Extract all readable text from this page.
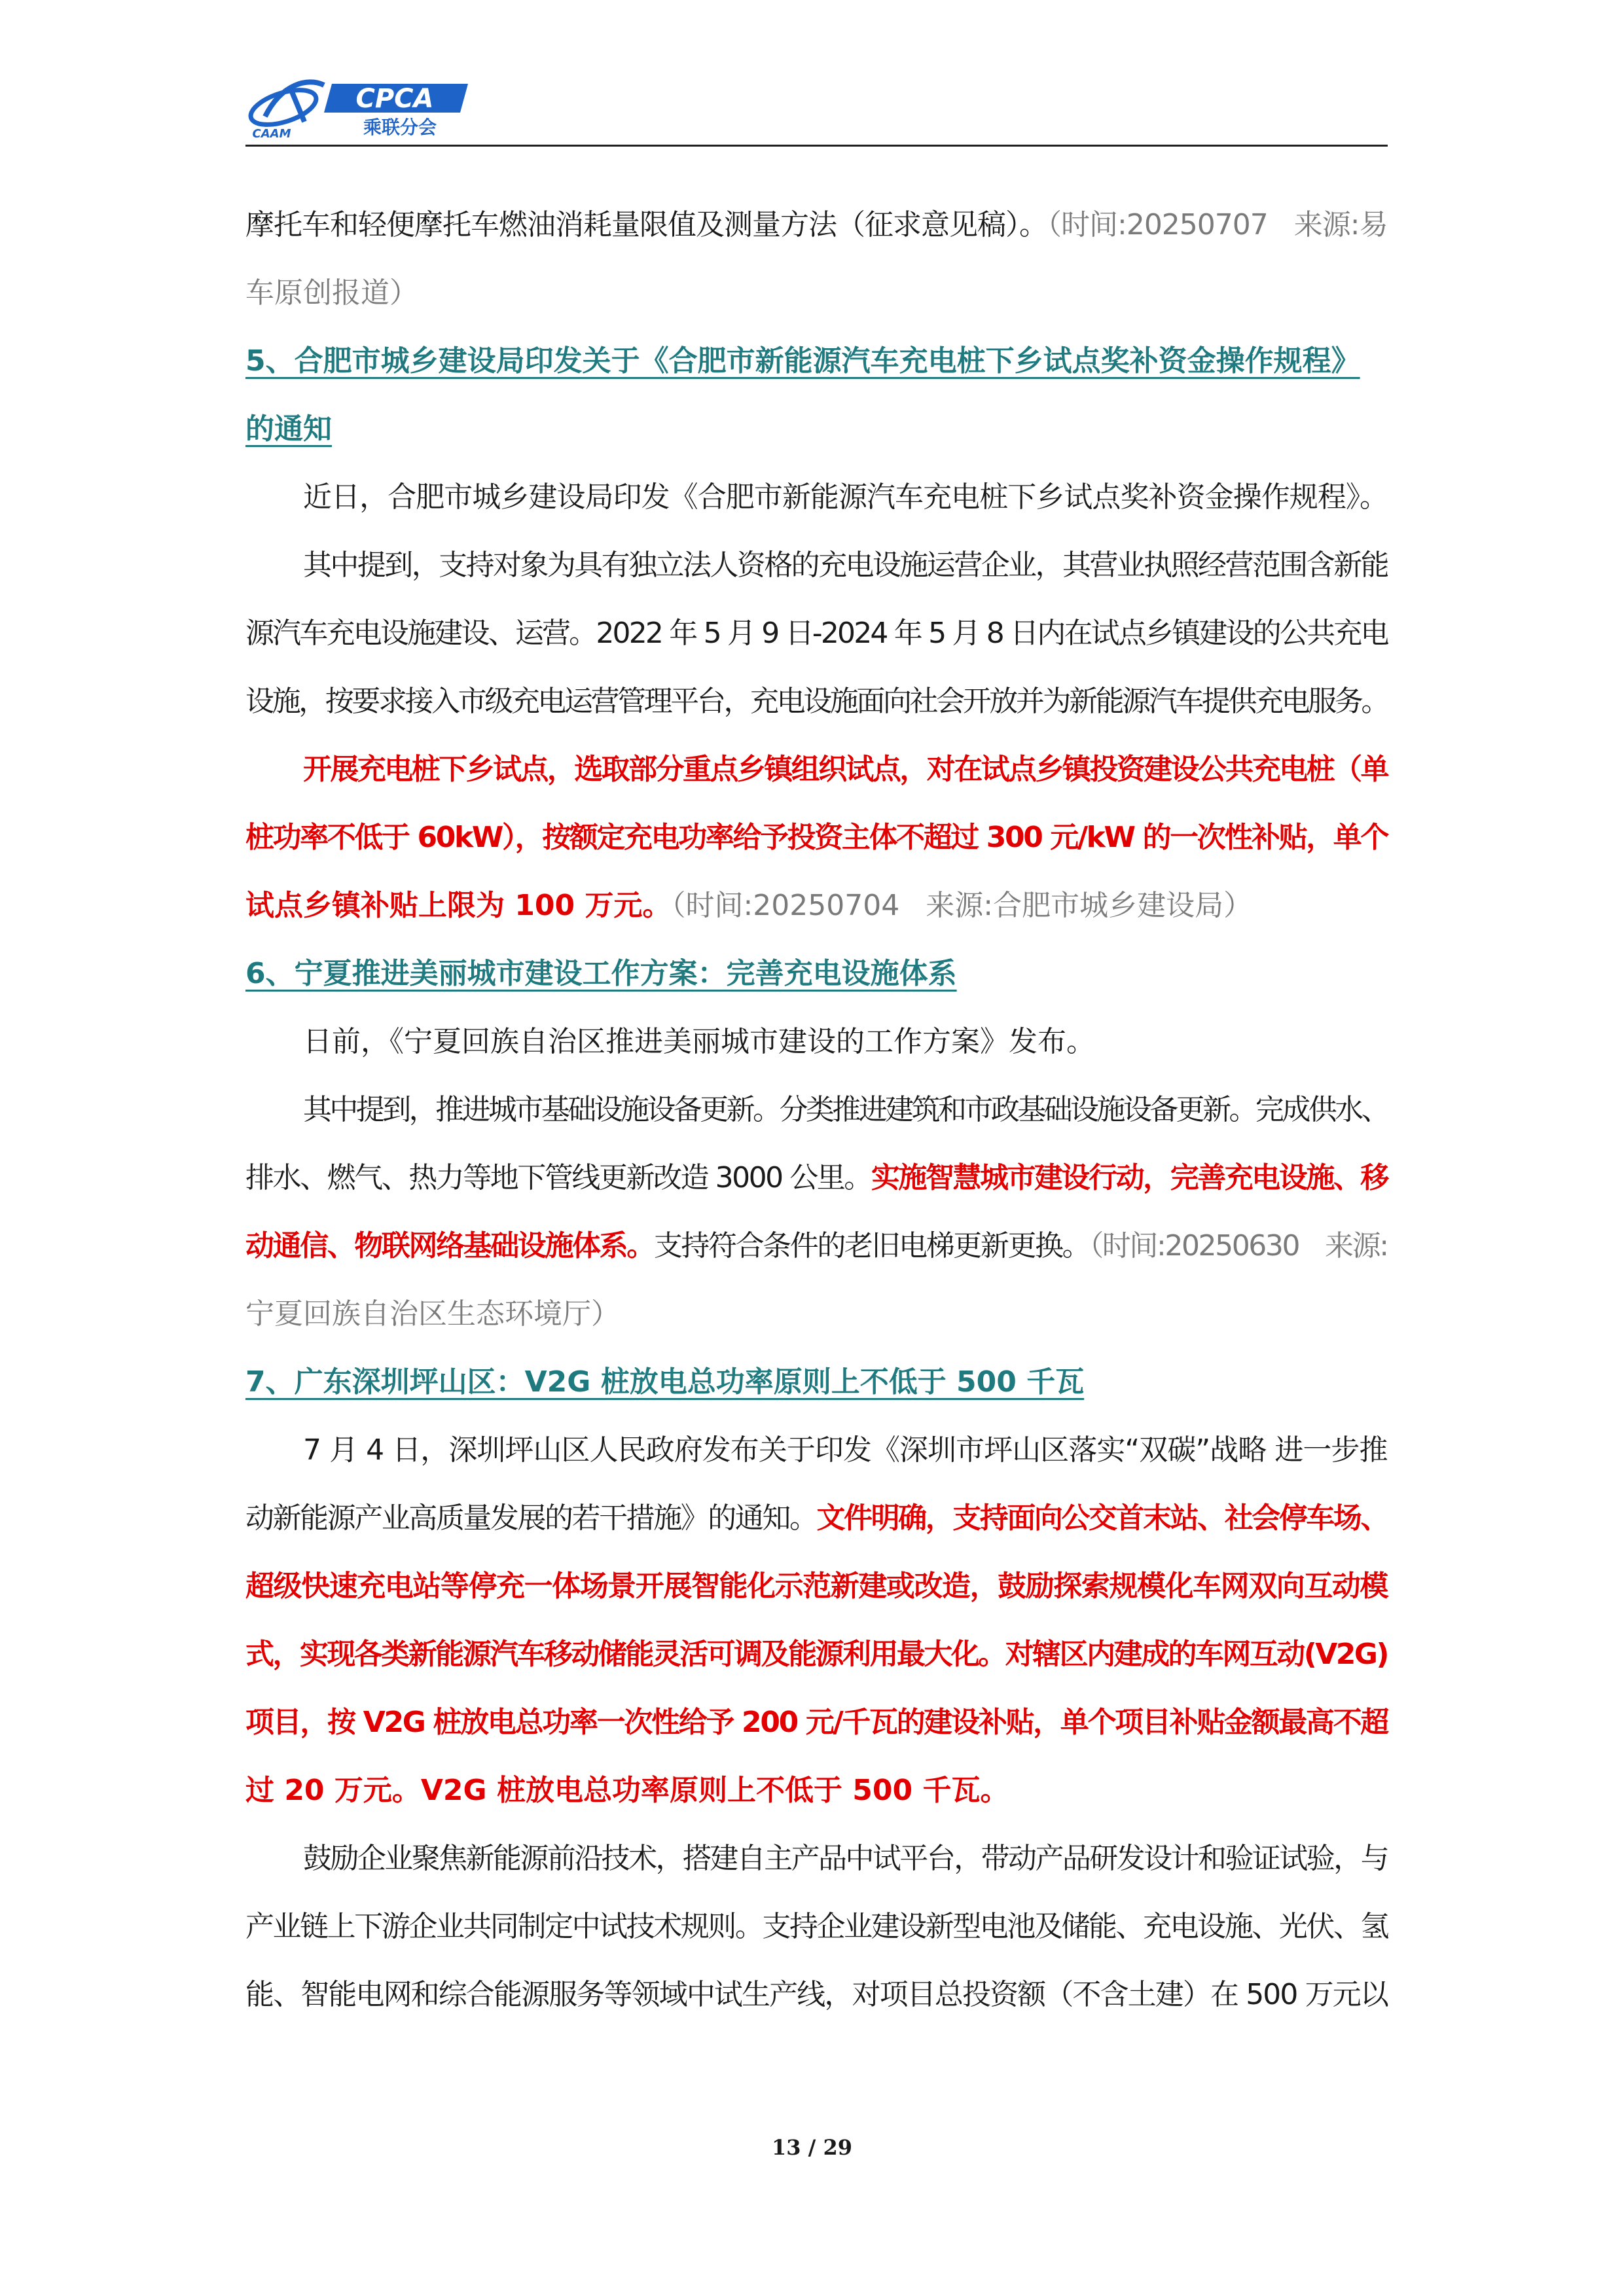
CPCA
乘联分会
CAAM
摩托车和轻便摩托车燃油消耗量限值及测量方法（征求意见稿）。（时间:20250707 来源:易
车原创报道）
5、合肥市城乡建设局印发关于《合肥市新能源汽车充电桩下乡试点奖补资金操作规程》
的通知
近日，合肥市城乡建设局印发《合肥市新能源汽车充电桩下乡试点奖补资金操作规程》。
其中提到，支持对象为具有独立法人资格的充电设施运营企业，其营业执照经营范围含新能
源汽车充电设施建设、运营。2022 年 5 月 9 日-2024 年 5 月 8 日内在试点乡镇建设的公共充电
设施，按要求接入市级充电运营管理平台，充电设施面向社会开放并为新能源汽车提供充电服务。
开展充电桩下乡试点，选取部分重点乡镇组织试点，对在试点乡镇投资建设公共充电桩（单
桩功率不低于 60kW），按额定充电功率给予投资主体不超过 300 元/kW 的一次性补贴，单个
试点乡镇补贴上限为 100 万元。（时间:20250704 来源:合肥市城乡建设局）
6、宁夏推进美丽城市建设工作方案：完善充电设施体系
日前，《宁夏回族自治区推进美丽城市建设的工作方案》发布。
其中提到，推进城市基础设施设备更新。分类推进建筑和市政基础设施设备更新。完成供水、
排水、燃气、热力等地下管线更新改造 3000 公里。实施智慧城市建设行动，完善充电设施、移
动通信、物联网络基础设施体系。支持符合条件的老旧电梯更新更换。（时间:20250630 来源:
宁夏回族自治区生态环境厅）
7、广东深圳坪山区：V2G 桩放电总功率原则上不低于 500 千瓦
7 月 4 日，深圳坪山区人民政府发布关于印发《深圳市坪山区落实“双碳”战略 进一步推
动新能源产业高质量发展的若干措施》的通知。文件明确，支持面向公交首末站、社会停车场、
超级快速充电站等停充一体场景开展智能化示范新建或改造，鼓励探索规模化车网双向互动模
式，实现各类新能源汽车移动储能灵活可调及能源利用最大化。对辖区内建成的车网互动(V2G)
项目，按 V2G 桩放电总功率一次性给予 200 元/千瓦的建设补贴，单个项目补贴金额最高不超
过 20 万元。V2G 桩放电总功率原则上不低于 500 千瓦。
鼓励企业聚焦新能源前沿技术，搭建自主产品中试平台，带动产品研发设计和验证试验，与
产业链上下游企业共同制定中试技术规则。支持企业建设新型电池及储能、充电设施、光伏、氢
能、智能电网和综合能源服务等领域中试生产线，对项目总投资额（不含土建）在 500 万元以
13 / 29
